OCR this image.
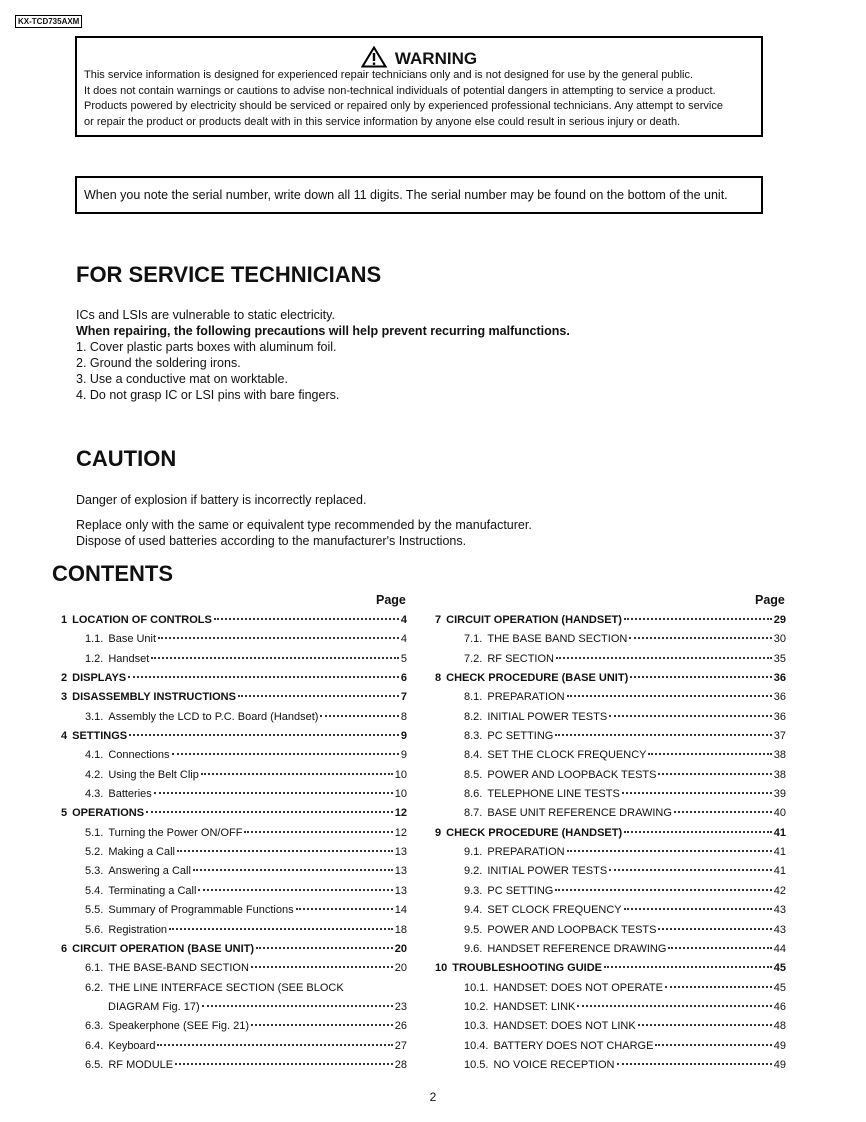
KX-TCD735AXM
WARNING
This service information is designed for experienced repair technicians only and is not designed for use by the general public.
It does not contain warnings or cautions to advise non-technical individuals of potential dangers in attempting to service a product.
Products powered by electricity should be serviced or repaired only by experienced professional technicians. Any attempt to service
or repair the product or products dealt with in this service information by anyone else could result in serious injury or death.

When you note the serial number, write down all 11 digits. The serial number may be found on the bottom of the unit.

FOR SERVICE TECHNICIANS
ICs and LSIs are vulnerable to static electricity.
When repairing, the following precautions will help prevent recurring malfunctions.
1. Cover plastic parts boxes with aluminum foil.
2. Ground the soldering irons.
3. Use a conductive mat on worktable.
4. Do not grasp IC or LSI pins with bare fingers.
CAUTION
Danger of explosion if battery is incorrectly replaced.
Replace only with the same or equivalent type recommended by the manufacturer.
Dispose of used batteries according to the manufacturer's Instructions.
CONTENTS
Page	Page
1 LOCATION OF CONTROLS	4
1.1. Base Unit	4
1.2. Handset	5
2 DISPLAYS	6
3 DISASSEMBLY INSTRUCTIONS	7
3.1. Assembly the LCD to P.C. Board (Handset)	8
4 SETTINGS	9
4.1. Connections	9
4.2. Using the Belt Clip	10
4.3. Batteries	10
5 OPERATIONS	12
5.1. Turning the Power ON/OFF	12
5.2. Making a Call	13
5.3. Answering a Call	13
5.4. Terminating a Call	13
5.5. Summary of Programmable Functions	14
5.6. Registration	18
6 CIRCUIT OPERATION (BASE UNIT)	20
6.1. THE BASE-BAND SECTION	20
6.2. THE LINE INTERFACE SECTION (SEE BLOCK
DIAGRAM Fig. 17)	23
6.3. Speakerphone (SEE Fig. 21)	26
6.4. Keyboard	27
6.5. RF MODULE	28
7 CIRCUIT OPERATION (HANDSET)	29
7.1. THE BASE BAND SECTION	30
7.2. RF SECTION	35
8 CHECK PROCEDURE (BASE UNIT)	36
8.1. PREPARATION	36
8.2. INITIAL POWER TESTS	36
8.3. PC SETTING	37
8.4. SET THE CLOCK FREQUENCY	38
8.5. POWER AND LOOPBACK TESTS	38
8.6. TELEPHONE LINE TESTS	39
8.7. BASE UNIT REFERENCE DRAWING	40
9 CHECK PROCEDURE (HANDSET)	41
9.1. PREPARATION	41
9.2. INITIAL POWER TESTS	41
9.3. PC SETTING	42
9.4. SET CLOCK FREQUENCY	43
9.5. POWER AND LOOPBACK TESTS	43
9.6. HANDSET REFERENCE DRAWING	44
10 TROUBLESHOOTING GUIDE	45
10.1. HANDSET: DOES NOT OPERATE	45
10.2. HANDSET: LINK	46
10.3. HANDSET: DOES NOT LINK	48
10.4. BATTERY DOES NOT CHARGE	49
10.5. NO VOICE RECEPTION	49
2
